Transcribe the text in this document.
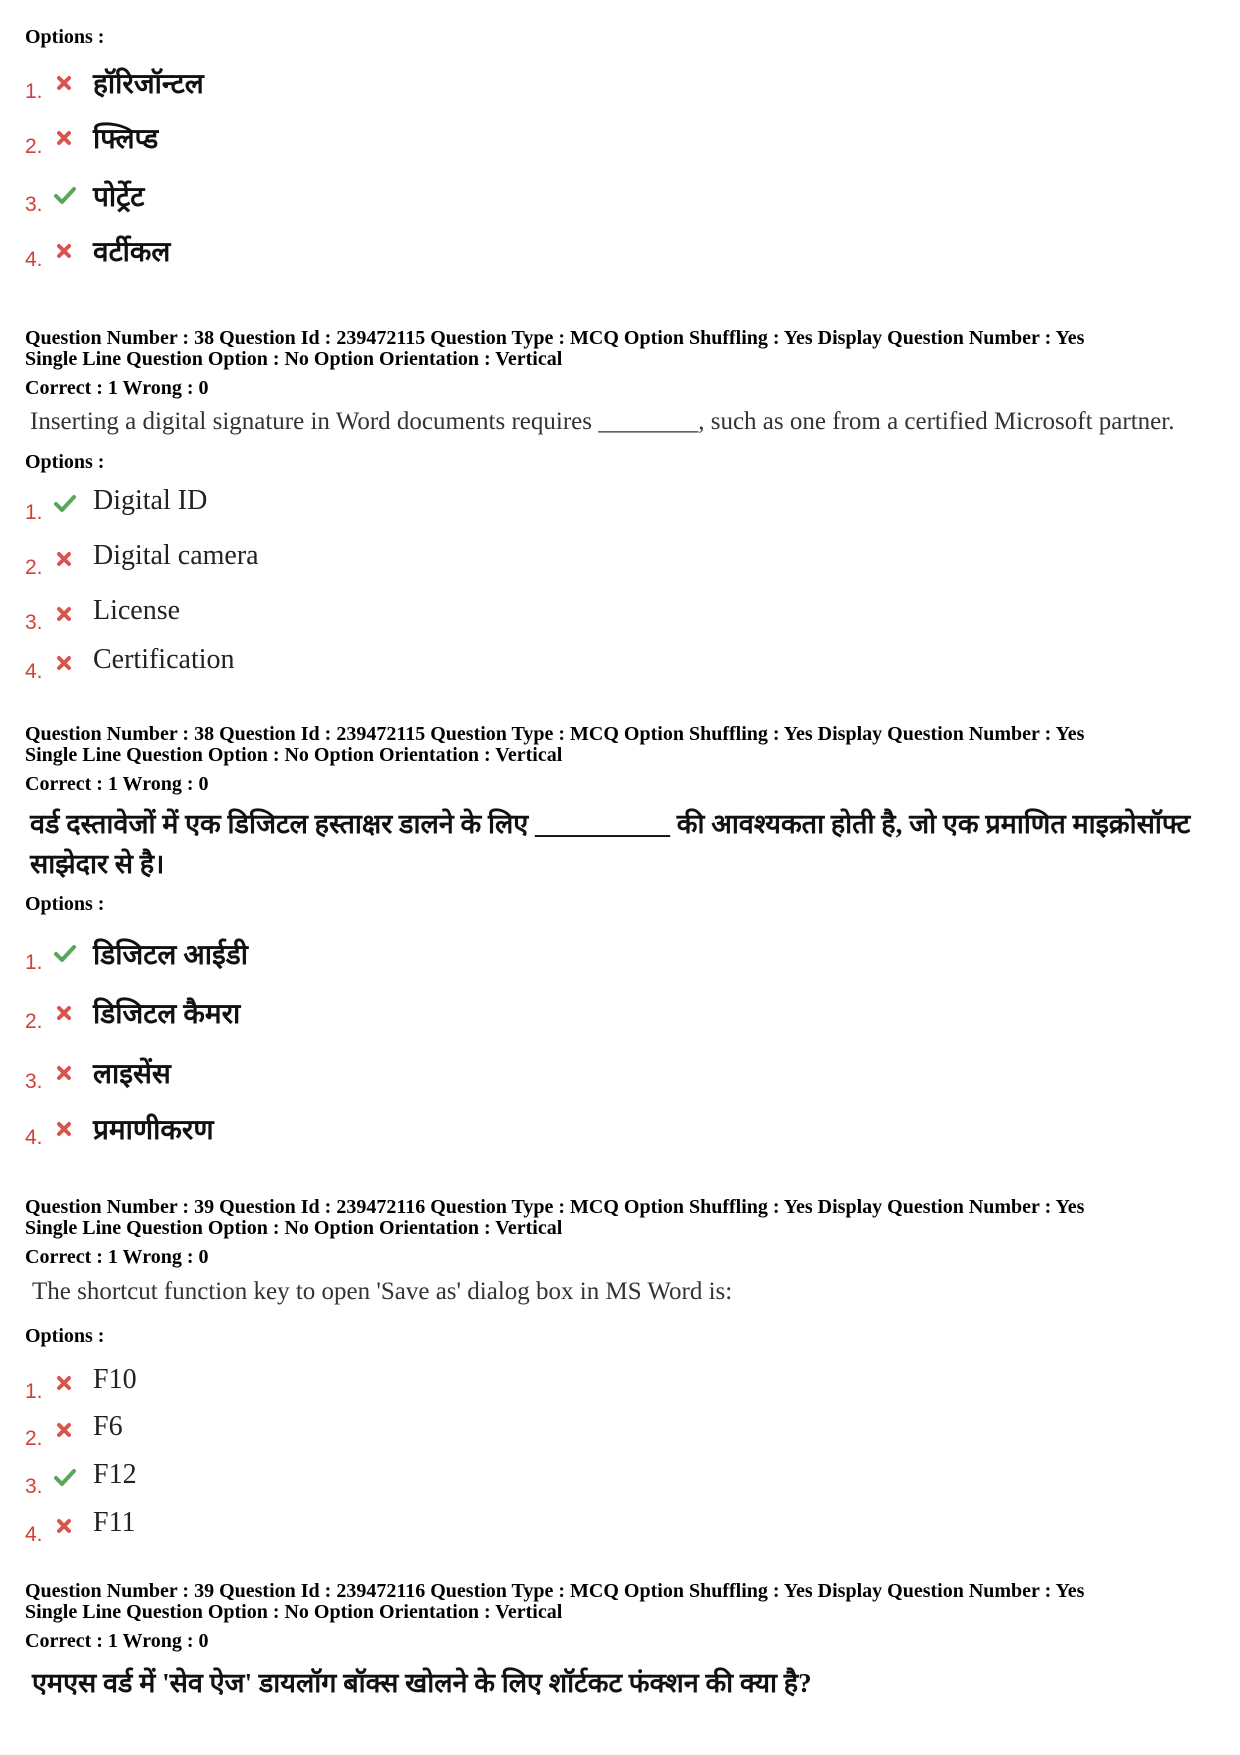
Options :
1. हॉरिजॉन्टल
2. फ्लिप्ड
3. पोर्ट्रेट
4. वर्टीकल
Question Number : 38 Question Id : 239472115 Question Type : MCQ Option Shuffling : Yes Display Question Number : Yes
Single Line Question Option : No Option Orientation : Vertical
Correct : 1 Wrong : 0
Inserting a digital signature in Word documents requires ________, such as one from a certified Microsoft partner.
Options :
1. Digital ID
2. Digital camera
3. License
4. Certification
Question Number : 38 Question Id : 239472115 Question Type : MCQ Option Shuffling : Yes Display Question Number : Yes
Single Line Question Option : No Option Orientation : Vertical
Correct : 1 Wrong : 0
वर्ड दस्तावेजों में एक डिजिटल हस्ताक्षर डालने के लिए __________ की आवश्यकता होती है, जो एक प्रमाणित माइक्रोसॉफ्ट साझेदार से है।
Options :
1. डिजिटल आईडी
2. डिजिटल कैमरा
3. लाइसेंस
4. प्रमाणीकरण
Question Number : 39 Question Id : 239472116 Question Type : MCQ Option Shuffling : Yes Display Question Number : Yes
Single Line Question Option : No Option Orientation : Vertical
Correct : 1 Wrong : 0
The shortcut function key to open 'Save as' dialog box in MS Word is:
Options :
1. F10
2. F6
3. F12
4. F11
Question Number : 39 Question Id : 239472116 Question Type : MCQ Option Shuffling : Yes Display Question Number : Yes
Single Line Question Option : No Option Orientation : Vertical
Correct : 1 Wrong : 0
एमएस वर्ड में 'सेव ऐज' डायलॉग बॉक्स खोलने के लिए शॉर्टकट फंक्शन की क्या है?
